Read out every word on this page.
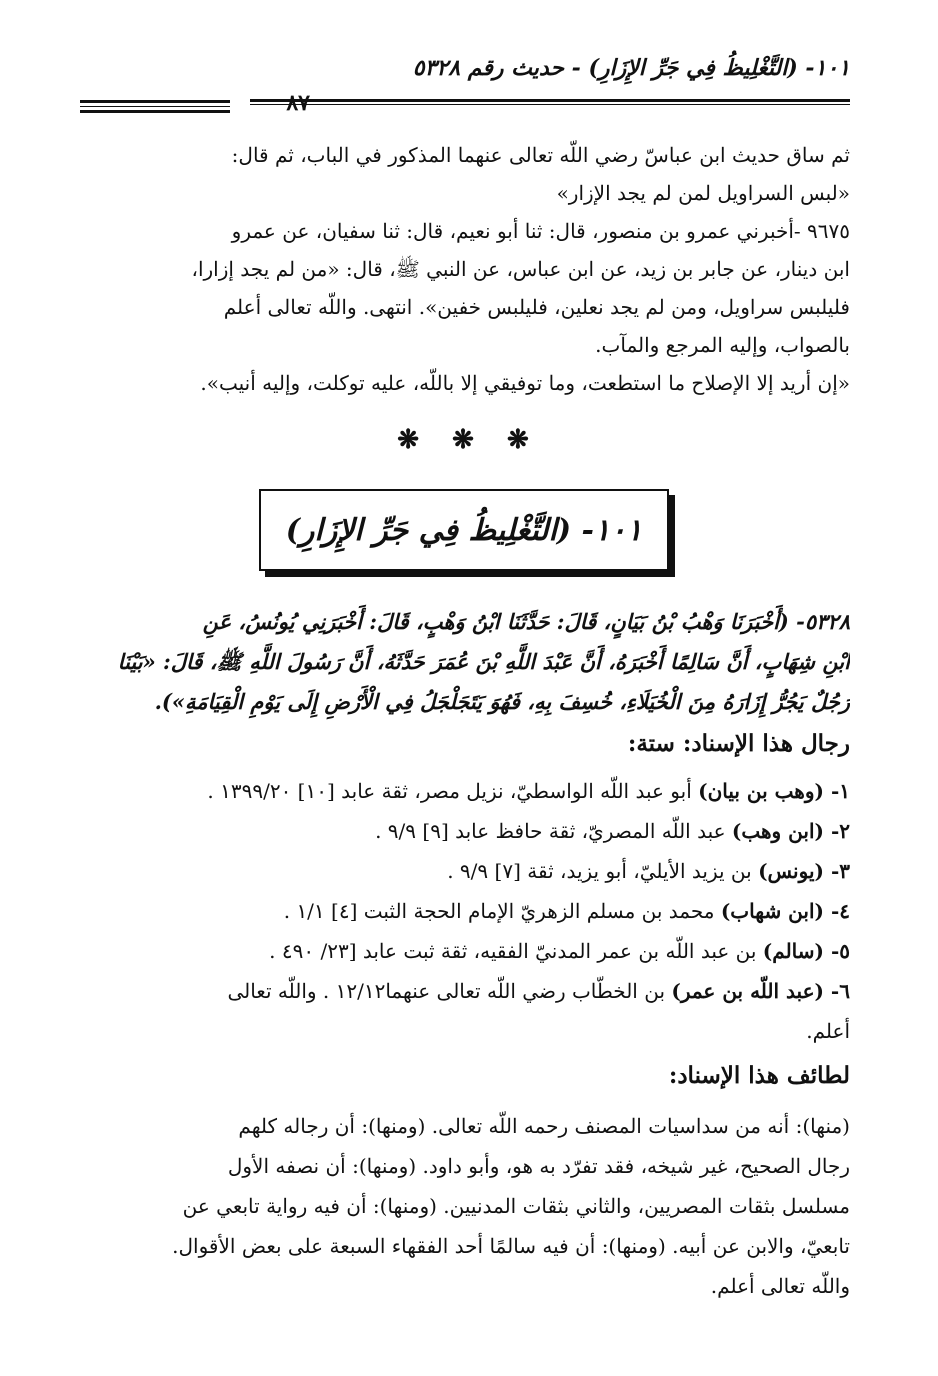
١٠١- (التَّغْلِيظُ فِي جَرِّ الإِزَارِ) - حديث رقم ٥٣٢٨
٨٧
ثم ساق حديث ابن عباسّ رضي اللّه تعالى عنهما المذكور في الباب، ثم قال:
«لبس السراويل لمن لم يجد الإزار»
٩٦٧٥ -أخبرني عمرو بن منصور، قال: ثنا أبو نعيم، قال: ثنا سفيان، عن عمرو
ابن دينار، عن جابر بن زيد، عن ابن عباس، عن النبي ﷺ، قال: «من لم يجد إزارا،
فليلبس سراويل، ومن لم يجد نعلين، فليلبس خفين». انتهى. واللّه تعالى أعلم
بالصواب، وإليه المرجع والمآب.
«إن أريد إلا الإصلاح ما استطعت، وما توفيقي إلا باللّه، عليه توكلت، وإليه أنيب».
❋ ❋ ❋
١٠١- (التَّغْلِيظُ فِي جَرِّ الإِزَارِ)
٥٣٢٨- (أَخْبَرَنَا وَهْبُ بْنُ بَيَانٍ، قَالَ: حَدَّثَنَا ابْنُ وَهْبٍ، قَالَ: أَخْبَرَنِي يُونُسُ، عَنِ
ابْنِ شِهَابٍ، أَنَّ سَالِمًا أَخْبَرَهُ، أَنَّ عَبْدَ اللَّهِ بْنَ عُمَرَ حَدَّثَهُ، أَنَّ رَسُولَ اللَّهِ ﷺ، قَالَ: «بَيْنَا
رَجُلٌ يَجُرُّ إِزَارَهُ مِنَ الْخُيَلَاءِ، خُسِفَ بِهِ، فَهُوَ يَتَجَلْجَلُ فِي الْأَرْضِ إِلَى يَوْمِ الْقِيَامَةِ»).
رجال هذا الإسناد: ستة:
١- (وهب بن بيان) أبو عبد اللّه الواسطيّ، نزيل مصر، ثقة عابد [١٠] ١٣٩٩/٢٠ .
٢- (ابن وهب) عبد اللّه المصريّ، ثقة حافظ عابد [٩] ٩/٩ .
٣- (يونس) بن يزيد الأيليّ، أبو يزيد، ثقة [٧] ٩/٩ .
٤- (ابن شهاب) محمد بن مسلم الزهريّ الإمام الحجة الثبت [٤] ١/١ .
٥- (سالم) بن عبد اللّه بن عمر المدنيّ الفقيه، ثقة ثبت عابد [٢٣/ ٤٩٠ .
٦- (عبد اللّه بن عمر) بن الخطّاب رضي اللّه تعالى عنهما١٢/١٢ . واللّه تعالى
أعلم.
لطائف هذا الإسناد:
(منها): أنه من سداسيات المصنف رحمه اللّه تعالى. (ومنها): أن رجاله كلهم
رجال الصحيح، غير شيخه، فقد تفرّد به هو، وأبو داود. (ومنها): أن نصفه الأول
مسلسل بثقات المصريين، والثاني بثقات المدنيين. (ومنها): أن فيه رواية تابعي عن
تابعيّ، والابن عن أبيه. (ومنها): أن فيه سالمًا أحد الفقهاء السبعة على بعض الأقوال.
واللّه تعالى أعلم.
